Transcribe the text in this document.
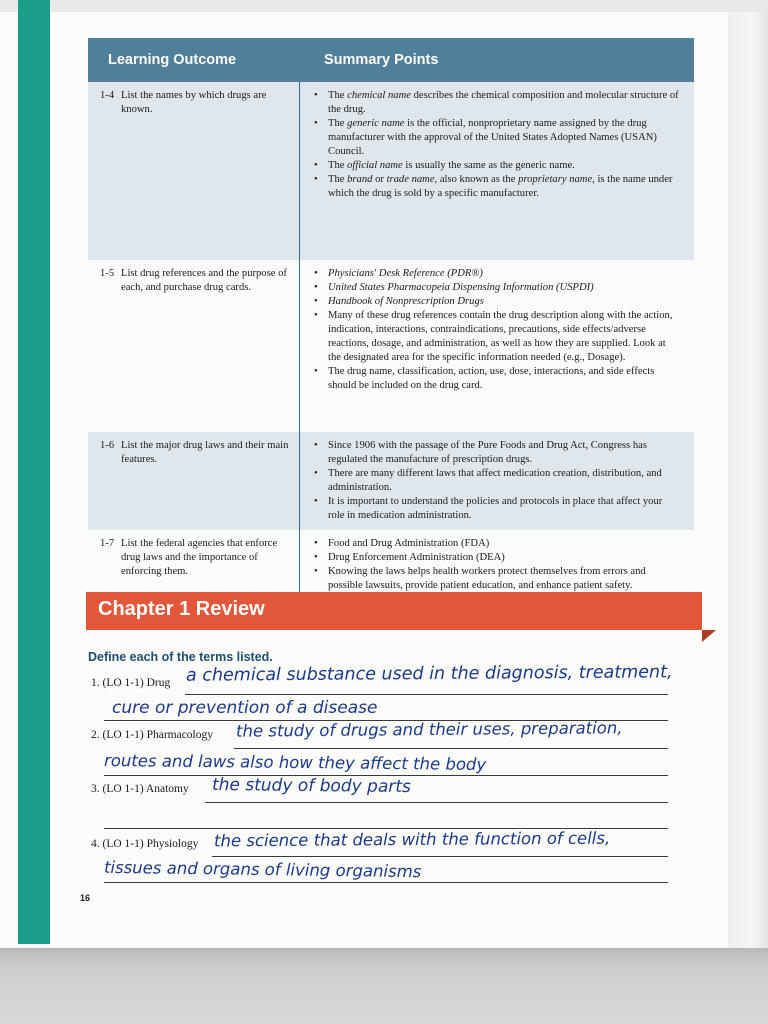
Learning Outcome	Summary Points
1-4 List the names by which drugs are known.
• The chemical name describes the chemical composition and molecular structure of the drug.
• The generic name is the official, nonproprietary name assigned by the drug manufacturer with the approval of the United States Adopted Names (USAN) Council.
• The official name is usually the same as the generic name.
• The brand or trade name, also known as the proprietary name, is the name under which the drug is sold by a specific manufacturer.
1-5 List drug references and the purpose of each, and purchase drug cards.
• Physicians' Desk Reference (PDR®)
• United States Pharmacopeia Dispensing Information (USPDI)
• Handbook of Nonprescription Drugs
• Many of these drug references contain the drug description along with the action, indication, interactions, contraindications, precautions, side effects/adverse reactions, dosage, and administration, as well as how they are supplied. Look at the designated area for the specific information needed (e.g., Dosage).
• The drug name, classification, action, use, dose, interactions, and side effects should be included on the drug card.
1-6 List the major drug laws and their main features.
• Since 1906 with the passage of the Pure Foods and Drug Act, Congress has regulated the manufacture of prescription drugs.
• There are many different laws that affect medication creation, distribution, and administration.
• It is important to understand the policies and protocols in place that affect your role in medication administration.
1-7 List the federal agencies that enforce drug laws and the importance of enforcing them.
• Food and Drug Administration (FDA)
• Drug Enforcement Administration (DEA)
• Knowing the laws helps health workers protect themselves from errors and possible lawsuits, provide patient education, and enhance patient safety.
Chapter 1 Review
Define each of the terms listed.
1. (LO 1-1) Drug a chemical substance used in the diagnosis, treatment,
cure or prevention of a disease
2. (LO 1-1) Pharmacology the study of drugs and their uses, preparation,
routes and laws also how they affect the body
3. (LO 1-1) Anatomy the study of body parts
4. (LO 1-1) Physiology the science that deals with the function of cells,
tissues and organs of living organisms
16
